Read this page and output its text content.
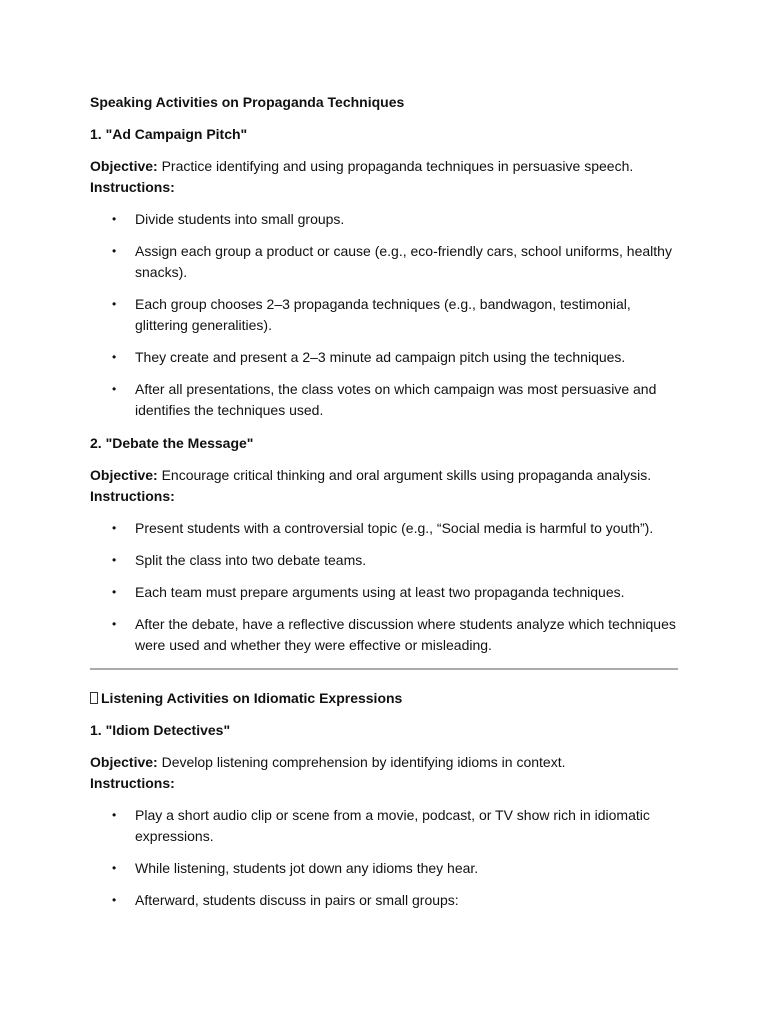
Speaking Activities on Propaganda Techniques

1. "Ad Campaign Pitch"

Objective: Practice identifying and using propaganda techniques in persuasive speech.

Instructions:

• Divide students into small groups.
• Assign each group a product or cause (e.g., eco-friendly cars, school uniforms, healthy snacks).
• Each group chooses 2–3 propaganda techniques (e.g., bandwagon, testimonial, glittering generalities).
• They create and present a 2–3 minute ad campaign pitch using the techniques.
• After all presentations, the class votes on which campaign was most persuasive and identifies the techniques used.

2. "Debate the Message"

Objective: Encourage critical thinking and oral argument skills using propaganda analysis.

Instructions:

• Present students with a controversial topic (e.g., “Social media is harmful to youth”).
• Split the class into two debate teams.
• Each team must prepare arguments using at least two propaganda techniques.
• After the debate, have a reflective discussion where students analyze which techniques were used and whether they were effective or misleading.

Listening Activities on Idiomatic Expressions

1. "Idiom Detectives"

Objective: Develop listening comprehension by identifying idioms in context.

Instructions:

• Play a short audio clip or scene from a movie, podcast, or TV show rich in idiomatic expressions.
• While listening, students jot down any idioms they hear.
• Afterward, students discuss in pairs or small groups:
